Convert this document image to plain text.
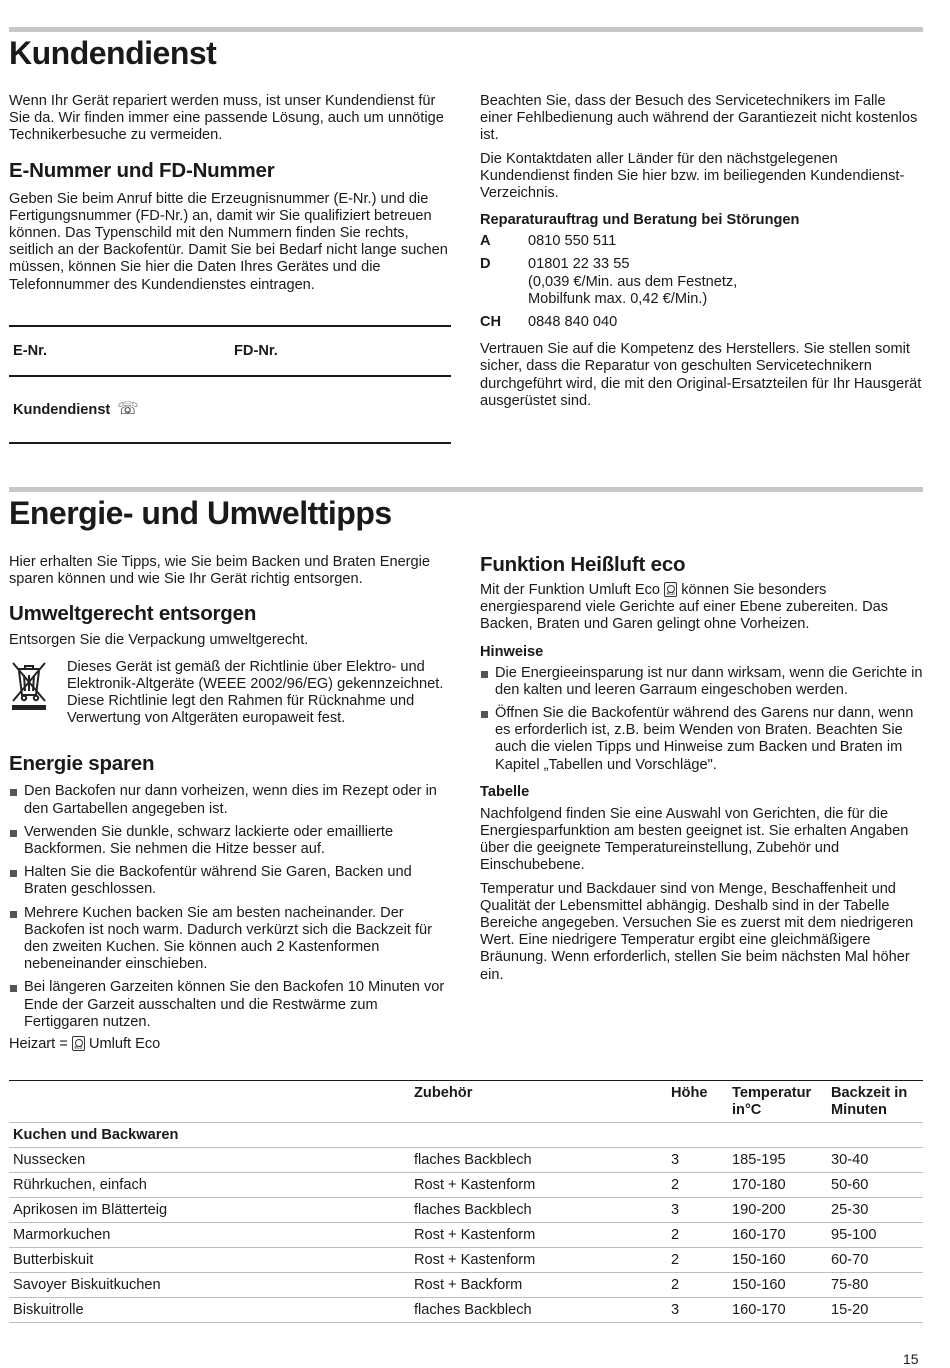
Kundendienst

Wenn Ihr Gerät repariert werden muss, ist unser Kundendienst für Sie da. Wir finden immer eine passende Lösung, auch um unnötige Technikerbesuche zu vermeiden.

E-Nummer und FD-Nummer

Geben Sie beim Anruf bitte die Erzeugnisnummer (E-Nr.) und die Fertigungsnummer (FD-Nr.) an, damit wir Sie qualifiziert betreuen können. Das Typenschild mit den Nummern finden Sie rechts, seitlich an der Backofentür. Damit Sie bei Bedarf nicht lange suchen müssen, können Sie hier die Daten Ihres Gerätes und die Telefonnummer des Kundendienstes eintragen.

E-Nr.	FD-Nr.
Kundendienst ☏

Beachten Sie, dass der Besuch des Servicetechnikers im Falle einer Fehlbedienung auch während der Garantiezeit nicht kostenlos ist.

Die Kontaktdaten aller Länder für den nächstgelegenen Kundendienst finden Sie hier bzw. im beiliegenden Kundendienst-Verzeichnis.

Reparaturauftrag und Beratung bei Störungen
A	0810 550 511
D	01801 22 33 55
(0,039 €/Min. aus dem Festnetz,
Mobilfunk max. 0,42 €/Min.)
CH	0848 840 040

Vertrauen Sie auf die Kompetenz des Herstellers. Sie stellen somit sicher, dass die Reparatur von geschulten Servicetechnikern durchgeführt wird, die mit den Original-Ersatzteilen für Ihr Hausgerät ausgerüstet sind.

Energie- und Umwelttipps

Hier erhalten Sie Tipps, wie Sie beim Backen und Braten Energie sparen können und wie Sie Ihr Gerät richtig entsorgen.

Umweltgerecht entsorgen

Entsorgen Sie die Verpackung umweltgerecht.

Dieses Gerät ist gemäß der Richtlinie über Elektro- und Elektronik-Altgeräte (WEEE 2002/96/EG) gekennzeichnet. Diese Richtlinie legt den Rahmen für Rücknahme und Verwertung von Altgeräten europaweit fest.

Energie sparen
Den Backofen nur dann vorheizen, wenn dies im Rezept oder in den Gartabellen angegeben ist.
Verwenden Sie dunkle, schwarz lackierte oder emaillierte Backformen. Sie nehmen die Hitze besser auf.
Halten Sie die Backofentür während Sie Garen, Backen und Braten geschlossen.
Mehrere Kuchen backen Sie am besten nacheinander. Der Backofen ist noch warm. Dadurch verkürzt sich die Backzeit für den zweiten Kuchen. Sie können auch 2 Kastenformen nebeneinander einschieben.
Bei längeren Garzeiten können Sie den Backofen 10 Minuten vor Ende der Garzeit ausschalten und die Restwärme zum Fertiggaren nutzen.

Heizart = eco Umluft Eco

Funktion Heißluft eco

Mit der Funktion Umluft Eco eco können Sie besonders energiesparend viele Gerichte auf einer Ebene zubereiten. Das Backen, Braten und Garen gelingt ohne Vorheizen.

Hinweise
Die Energieeinsparung ist nur dann wirksam, wenn die Gerichte in den kalten und leeren Garraum eingeschoben werden.
Öffnen Sie die Backofentür während des Garens nur dann, wenn es erforderlich ist, z.B. beim Wenden von Braten. Beachten Sie auch die vielen Tipps und Hinweise zum Backen und Braten im Kapitel „Tabellen und Vorschläge".
Tabelle

Nachfolgend finden Sie eine Auswahl von Gerichten, die für die Energiesparfunktion am besten geeignet ist. Sie erhalten Angaben über die geeignete Temperatureinstellung, Zubehör und Einschubebene.

Temperatur und Backdauer sind von Menge, Beschaffenheit und Qualität der Lebensmittel abhängig. Deshalb sind in der Tabelle Bereiche angegeben. Versuchen Sie es zuerst mit dem niedrigeren Wert. Eine niedrigere Temperatur ergibt eine gleichmäßigere Bräunung. Wenn erforderlich, stellen Sie beim nächsten Mal höher ein.

	Zubehör	Höhe	Temperatur in°C	Backzeit in Minuten
Kuchen und Backwaren				
Nussecken	flaches Backblech	3	185-195	30-40
Rührkuchen, einfach	Rost + Kastenform	2	170-180	50-60
Aprikosen im Blätterteig	flaches Backblech	3	190-200	25-30
Marmorkuchen	Rost + Kastenform	2	160-170	95-100
Butterbiskuit	Rost + Kastenform	2	150-160	60-70
Savoyer Biskuitkuchen	Rost + Backform	2	150-160	75-80
Biskuitrolle	flaches Backblech	3	160-170	15-20
15
